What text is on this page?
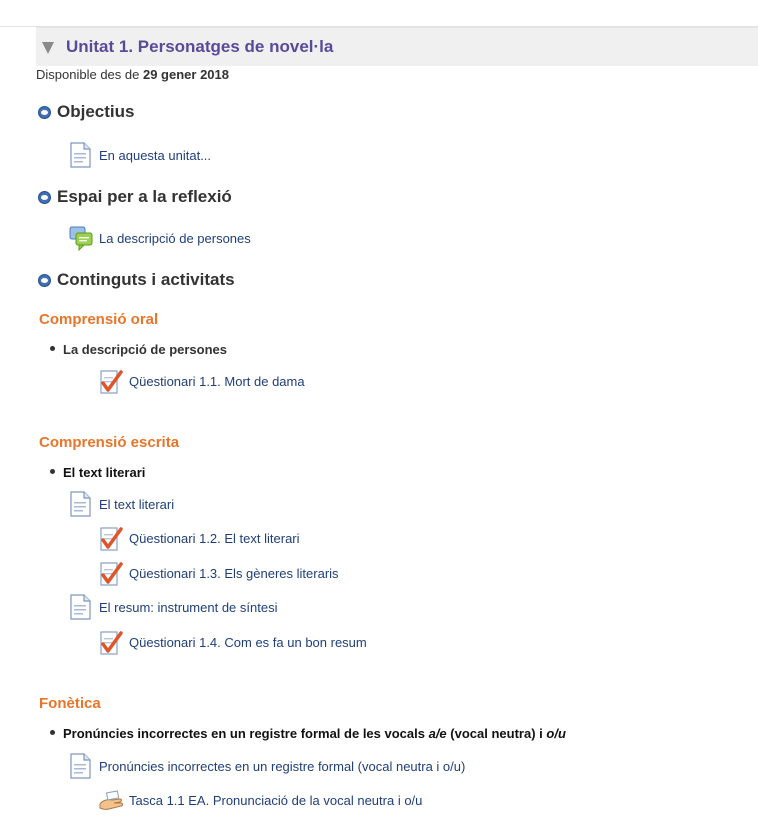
Unitat 1. Personatges de novel·la
Disponible des de 29 gener 2018
Objectius
En aquesta unitat...
Espai per a la reflexió
La descripció de persones
Continguts i activitats
Comprensió oral
La descripció de persones
Qüestionari 1.1. Mort de dama
Comprensió escrita
El text literari
El text literari
Qüestionari 1.2. El text literari
Qüestionari 1.3. Els gèneres literaris
El resum: instrument de síntesi
Qüestionari 1.4. Com es fa un bon resum
Fonètica
Pronúncies incorrectes en un registre formal de les vocals a/e (vocal neutra) i o/u
Pronúncies incorrectes en un registre formal (vocal neutra i o/u)
Tasca 1.1 EA. Pronunciació de la vocal neutra i o/u
